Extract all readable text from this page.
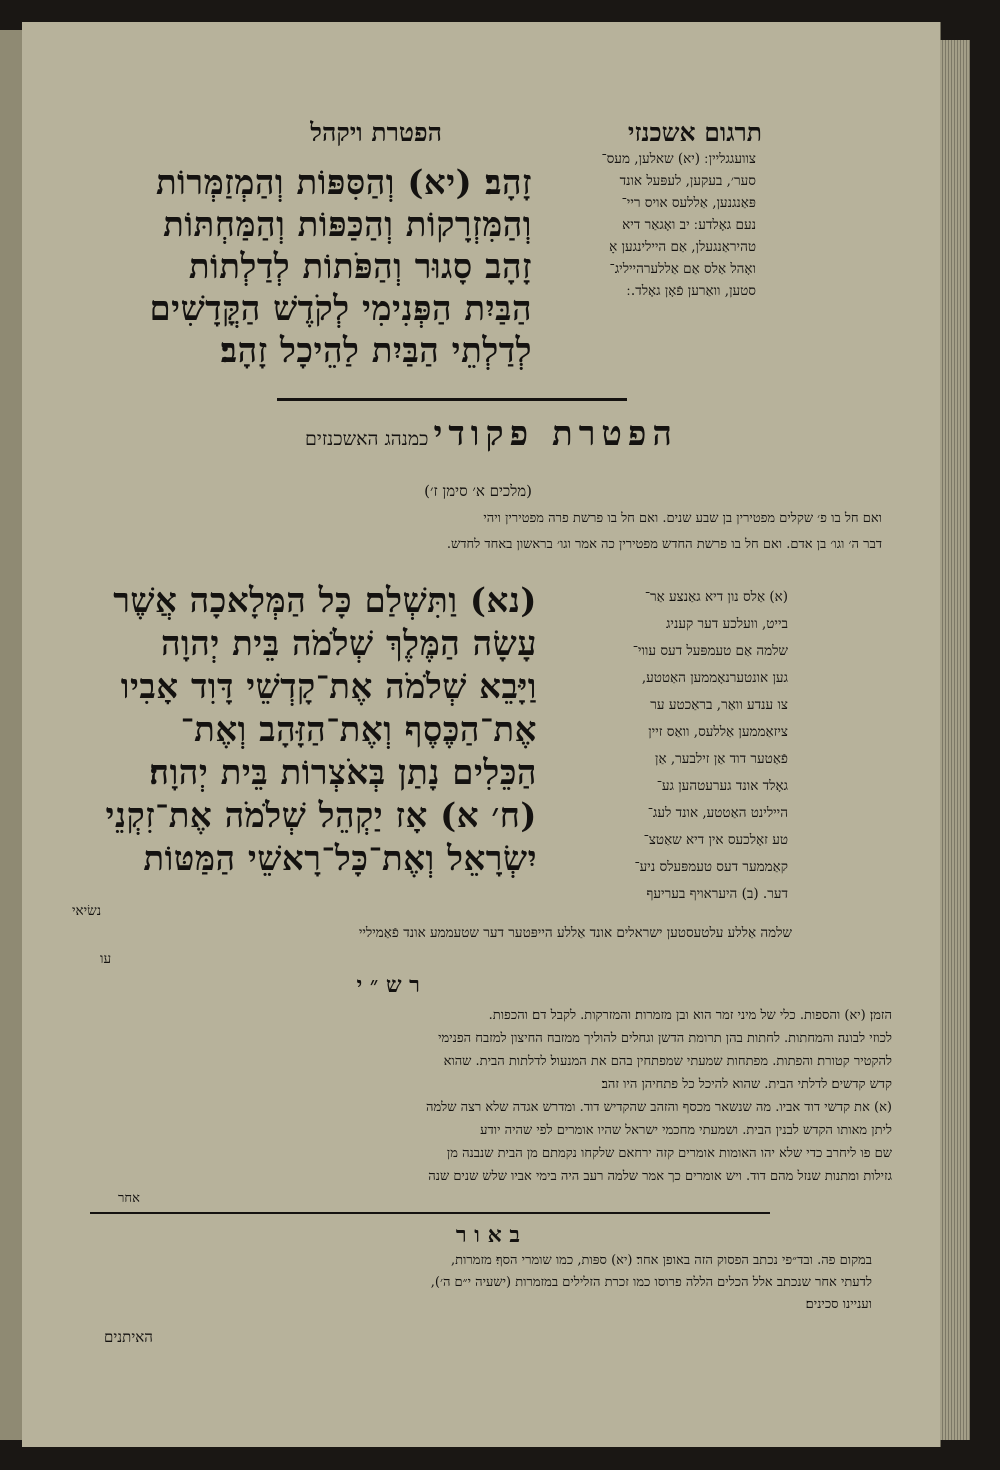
תרגום אשכנזי
הפטרת ויקהל
צוועגגליין ׃ (יא) שאלען, מעס־
סער׳, בעקען, לעפּעל אונד
פּאַנגנען, אַללעס אויס ריי־
נעם גאָלדע ׃ יב ואָגאַר דיא
טהיראַנגעלן, אַם היילינגען אָ
ואָהל אַלס אַם אַללערהייליג־
סטען, וואַרען פֿאָן גאָלד. ׃
זָהָב׃ (יא) וְהַסִּפּוֹת וְהַמְזַמְּרוֹת
וְהַמִּזְרָקוֹת וְהַכַּפּוֹת וְהַמַּחְתּוֹת
זָהָב סָגוּר וְהַפֹּתוֹת לְדַלְתוֹת
הַבַּיִת הַפְּנִימִי לְקֹדֶשׁ הַקֳּדָשִׁים
לְדַלְתֵי הַבַּיִת לַהֵיכָל זָהָב׃
הפטרת פקודי כמנהג האשכנזים
(מלכים א׳ סימן ז׳)
ואם חל בו פ׳ שקלים מפטירין בן שבע שנים. ואם חל בו פרשת פרה מפטירין ויהי
דבר ה׳ וגו׳ בן אדם. ואם חל בו פרשת החדש מפטירין כה אמר וגו׳ בראשון באחד לחדש.
(נא) וַתִּשְׁלַם כָּל הַמְּלָאכָה אֲשֶׁר
עָשָׂה הַמֶּלֶךְ שְׁלֹמֹה בֵּית יְהוָה
וַיָּבֵא שְׁלֹמֹה אֶת־קָדְשֵׁי דָּוִד אָבִיו
אֶת־הַכֶּסֶף וְאֶת־הַזָּהָב וְאֶת־
הַכֵּלִים נָתַן בְּאֹצְרוֹת בֵּית יְהוָה׃
(ח׳ א) אָז יַקְהֵל שְׁלֹמֹה אֶת־זִקְנֵי
יִשְׂרָאֵל וְאֶת־כָּל־רָאשֵׁי הַמַּטּוֹת
נשׂיאי
עו
(א) אַלס נון דיא גאַנצע אַר־
בייט, וועלכע דער קעניג
שלמה אַם טעמפּעל דעס עווי־
גען אונטערנאָממען האַטטע,
צו ענדע וואַר, בראַכטע ער
ציזאַממען אַללעס, וואַס זיין
פֿאַטער דוד אַן זילבער, אַן
גאָלד אונד גערעטהען גע־
היילינט האַטטע, אונד לעג־
טע זאָלכעס אין דיא שאַטצ־
קאַממער דעס טעמפּעלס ניע־
דער. (ב) היעראויף בעריעף
שלמה אַללע עלטעסטען ישראלים אונד אַללע הייפּטער דער שטעממע אונד פֿאַמיליי
ר ש ״ י
הזמן׃ (יא) והספות. כלי של מיני זמר הוא ובן מזמרות׃ והמזרקות. לקבל דם׃ והכפות.
לכוזי לבונה׃ והמחתות. לחתות בהן תרומת הדשן וגחלים להוליך ממזבח החיצון למזבח הפנימי
להקטיר קטורת׃ והפתות. מפתחות שמעתי שמפתחין בהם את המנעול׃ לדלתות הבית. שהוא
קדש קדשים׃ לדלתי הבית. שהוא להיכל כל פתחיהן היו זהב׃
(א) את קדשי דוד אביו. מה שנשאר מכסף והזהב שהקדיש דוד. ומדרש אגדה שלא רצה שלמה
ליתן מאותו הקדש לבנין הבית. ושמעתי מחכמי ישראל שהיו אומרים לפי שהיה יודע
שם פו ליחרב כדי שלא יהו האומות אומרים קזה ירחאם שלקחו נקמתם מן הבית שנבנה מן
גזילות ומתנות שנזל מהם דוד. ויש אומרים כך אמר שלמה רעב היה בימי אביו שלש שנים שנה
אחר
ב א ו ר
במקום פה. ובד״פי נכתב הפסוק הזה באופן אחר׃ (יא) ספּות, כמו שומרי הסף׃ מזמרות,
לדעתי אחר שנכתב אלל הכלים הללה פרוסו כמו זכרת הזלילים במזמרות (ישעיה י״ם ה׳),
ועניינו סכינים׃
האיתנים
